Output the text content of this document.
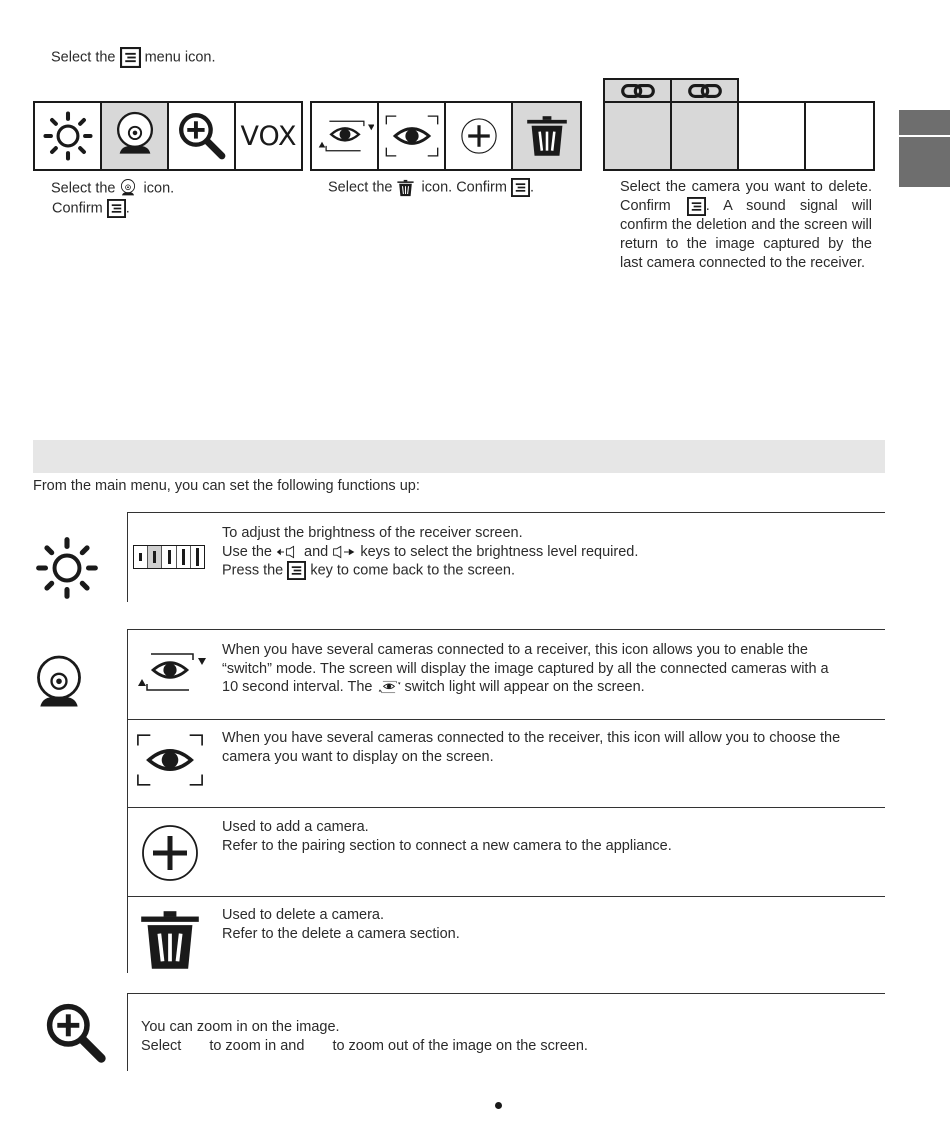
Select the menu icon.
VOX
Select the icon.
Confirm .
Select the icon. Confirm .	Select the camera you want to delete.
Confirm . A sound signal will
confirm the deletion and the screen will
return to the image captured by the
last camera connected to the receiver.
From the main menu, you can set the following functions up:

To adjust the brightness of the receiver screen.

Use the and keys to select the brightness level required.

Press the key to come back to the screen.

When you have several cameras connected to a receiver, this icon allows you to enable the

“switch” mode. The screen will display the image captured by all the connected cameras with a

10 second interval. The switch light will appear on the screen.

When you have several cameras connected to the receiver, this icon will allow you to choose the

camera you want to display on the screen.

Used to add a camera.

Refer to the pairing section to connect a new camera to the appliance.

Used to delete a camera.

Refer to the delete a camera section.

You can zoom in on the image.

Select to zoom in and to zoom out of the image on the screen.
